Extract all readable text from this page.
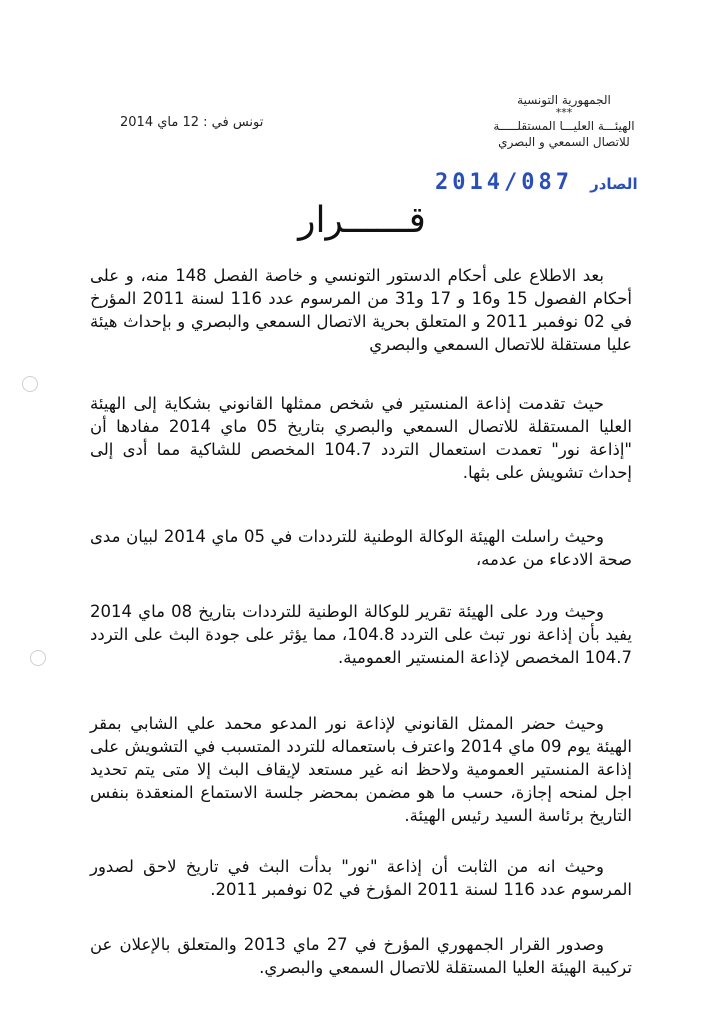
الجمهورية التونسية
***
الهيئـــة العليـــا المستقلـــــة
للاتصال السمعي و البصري
تونس في : 12 ماي 2014
2014/087 الصادر
قــــــرار

بعد الاطلاع على أحكام الدستور التونسي و خاصة الفصل 148 منه، و على أحكام الفصول 15 و16 و 17 و31 من المرسوم عدد 116 لسنة 2011 المؤرخ في 02 نوفمبر 2011 و المتعلق بحرية الاتصال السمعي والبصري و بإحداث هيئة عليا مستقلة للاتصال السمعي والبصري

حيث تقدمت إذاعة المنستير في شخص ممثلها القانوني بشكاية إلى الهيئة العليا المستقلة للاتصال السمعي والبصري بتاريخ 05 ماي 2014 مفادها أن "إذاعة نور" تعمدت استعمال التردد 104.7 المخصص للشاكية مما أدى إلى إحداث تشويش على بثها.

وحيث راسلت الهيئة الوكالة الوطنية للترددات في 05 ماي 2014 لبيان مدى صحة الادعاء من عدمه،

وحيث ورد على الهيئة تقرير للوكالة الوطنية للترددات بتاريخ 08 ماي 2014 يفيد بأن إذاعة نور تبث على التردد 104.8، مما يؤثر على جودة البث على التردد 104.7 المخصص لإذاعة المنستير العمومية.

وحيث حضر الممثل القانوني لإذاعة نور المدعو محمد علي الشابي بمقر الهيئة يوم 09 ماي 2014 واعترف باستعماله للتردد المتسبب في التشويش على إذاعة المنستير العمومية ولاحظ انه غير مستعد لإيقاف البث إلا متى يتم تحديد اجل لمنحه إجازة، حسب ما هو مضمن بمحضر جلسة الاستماع المنعقدة بنفس التاريخ برئاسة السيد رئيس الهيئة.

وحيث انه من الثابت أن إذاعة "نور" بدأت البث في تاريخ لاحق لصدور المرسوم عدد 116 لسنة 2011 المؤرخ في 02 نوفمبر 2011.

وصدور القرار الجمهوري المؤرخ في 27 ماي 2013 والمتعلق بالإعلان عن تركيبة الهيئة العليا المستقلة للاتصال السمعي والبصري.
